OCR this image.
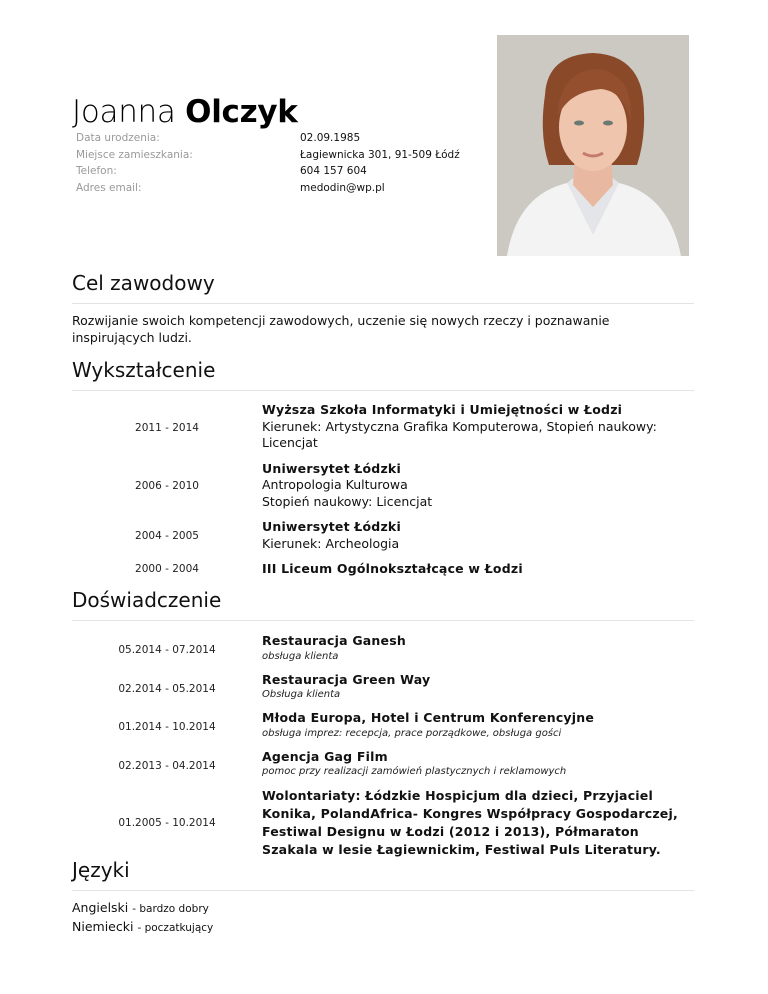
Joanna Olczyk
Data urodzenia:	02.09.1985
Miejsce zamieszkania:	Łagiewnicka 301, 91-509 Łódź
Telefon:	604 157 604
Adres email:	medodin@wp.pl
Cel zawodowy
Rozwijanie swoich kompetencji zawodowych, uczenie się nowych rzeczy i poznawanie inspirujących ludzi.
Wykształcenie
2011 - 2014	Wyższa Szkoła Informatyki i Umiejętności w Łodzi
Kierunek: Artystyczna Grafika Komputerowa, Stopień naukowy: Licencjat

2006 - 2010	Uniwersytet Łódzki
Antropologia Kulturowa
Stopień naukowy: Licencjat

2004 - 2005	Uniwersytet Łódzki
Kierunek: Archeologia

2000 - 2004	III Liceum Ogólnokształcące w Łodzi
Doświadczenie
05.2014 - 07.2014	Restauracja Ganesh
obsługa klienta

02.2014 - 05.2014	Restauracja Green Way
Obsługa klienta

01.2014 - 10.2014	Młoda Europa, Hotel i Centrum Konferencyjne
obsługa imprez: recepcja, prace porządkowe, obsługa gości

02.2013 - 04.2014	Agencja Gag Film
pomoc przy realizacji zamówień plastycznych i reklamowych

01.2005 - 10.2014	Wolontariaty: Łódzkie Hospicjum dla dzieci, Przyjaciel Konika, PolandAfrica- Kongres Współpracy Gospodarczej, Festiwal Designu w Łodzi (2012 i 2013), Półmaraton Szakala w lesie Łagiewnickim, Festiwal Puls Literatury.
Języki
Angielski - bardzo dobry
Niemiecki - poczatkujący
